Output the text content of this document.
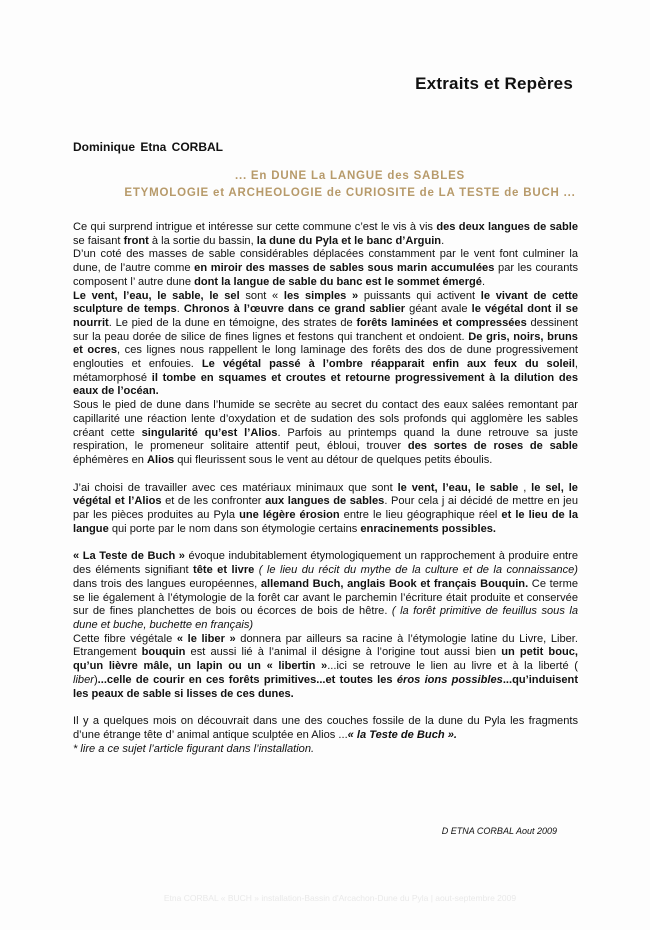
Extraits et Repères
Dominique Etna CORBAL
... En DUNE La LANGUE des SABLES
ETYMOLOGIE et ARCHEOLOGIE de CURIOSITE de LA TESTE de BUCH ...

Ce qui surprend intrigue et intéresse sur cette commune c’est le vis à vis des deux langues de sable se faisant front à la sortie du bassin, la dune du Pyla et le banc d’Arguin.
D’un coté des masses de sable considérables déplacées constamment par le vent font culminer la dune, de l’autre comme en miroir des masses de sables sous marin accumulées par les courants composent l’ autre dune dont la langue de sable du banc est le sommet émergé.
Le vent, l’eau, le sable, le sel sont « les simples » puissants qui activent le vivant de cette sculpture de temps. Chronos à l’œuvre dans ce grand sablier géant avale le végétal dont il se nourrit. Le pied de la dune en témoigne, des strates de forêts laminées et compressées dessinent sur la peau dorée de silice de fines lignes et festons qui tranchent et ondoient. De gris, noirs, bruns et ocres, ces lignes nous rappellent le long laminage des forêts des dos de dune progressivement englouties et enfouies. Le végétal passé à l’ombre réapparait enfin aux feux du soleil, métamorphosé il tombe en squames et croutes et retourne progressivement à la dilution des eaux de l’océan.
Sous le pied de dune dans l’humide se secrète au secret du contact des eaux salées remontant par capillarité une réaction lente d’oxydation et de sudation des sols profonds qui agglomère les sables créant cette singularité qu’est l’Alios. Parfois au printemps quand la dune retrouve sa juste respiration, le promeneur solitaire attentif peut, ébloui, trouver des sortes de roses de sable éphémères en Alios qui fleurissent sous le vent au détour de quelques petits éboulis.

J’ai choisi de travailler avec ces matériaux minimaux que sont le vent, l’eau, le sable , le sel, le végétal et l’Alios et de les confronter aux langues de sables. Pour cela j ai décidé de mettre en jeu par les pièces produites au Pyla une légère érosion entre le lieu géographique réel et le lieu de la langue qui porte par le nom dans son étymologie certains enracinements possibles.

« La Teste de Buch » évoque indubitablement étymologiquement un rapprochement à produire entre des éléments signifiant tête et livre ( le lieu du récit du mythe de la culture et de la connaissance) dans trois des langues européennes, allemand Buch, anglais Book et français Bouquin. Ce terme se lie également à l’étymologie de la forêt car avant le parchemin l’écriture était produite et conservée sur de fines planchettes de bois ou écorces de bois de hêtre. ( la forêt primitive de feuillus sous la dune et buche, buchette en français)
Cette fibre végétale « le liber » donnera par ailleurs sa racine à l’étymologie latine du Livre, Liber. Etrangement bouquin est aussi lié à l’animal il désigne à l’origine tout aussi bien un petit bouc, qu’un lièvre mâle, un lapin ou un « libertin »...ici se retrouve le lien au livre et à la liberté ( liber)...celle de courir en ces forêts primitives...et toutes les éros ions possibles...qu’induisent les peaux de sable si lisses de ces dunes.

Il y a quelques mois on découvrait dans une des couches fossile de la dune du Pyla les fragments d’une étrange tête d’ animal antique sculptée en Alios ...« la Teste de Buch ».
* lire a ce sujet l’article figurant dans l’installation.

D ETNA CORBAL Aout 2009
Etna CORBAL « BUCH » installation-Bassin d'Arcachon-Dune du Pyla | aout-septembre 2009
